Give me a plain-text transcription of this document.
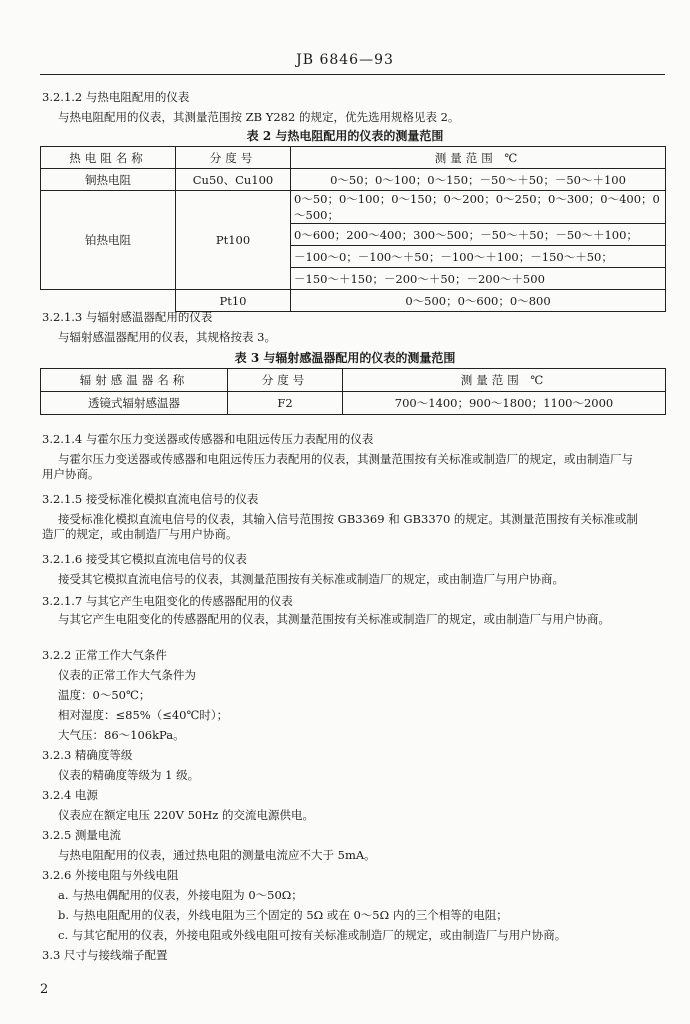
JB 6846—93
3.2.1.2 与热电阻配用的仪表
与热电阻配用的仪表，其测量范围按 ZB Y282 的规定，优先选用规格见表 2。
表 2 与热电阻配用的仪表的测量范围
热电阻名称	分度号	测量范围 ℃
铜热电阻	Cu50、Cu100	0～50；0～100；0～150；－50～＋50；－50～＋100
铂热电阻	Pt100	0～50；0～100；0～150；0～200；0～250；0～300；0～400；0～500；
		0～600；200～400；300～500；－50～＋50；－50～＋100；
		－100～0；－100～＋50；－100～＋100；－150～＋50；
		－150～＋150；－200～＋50；－200～＋500
	Pt10	0～500；0～600；0～800
3.2.1.3 与辐射感温器配用的仪表
与辐射感温器配用的仪表，其规格按表 3。
表 3 与辐射感温器配用的仪表的测量范围
辐射感温器名称	分度号	测量范围 ℃
透镜式辐射感温器	F2	700～1400；900～1800；1100～2000
3.2.1.4 与霍尔压力变送器或传感器和电阻远传压力表配用的仪表
与霍尔压力变送器或传感器和电阻远传压力表配用的仪表，其测量范围按有关标准或制造厂的规定，或由制造厂与用户协商。
3.2.1.5 接受标准化模拟直流电信号的仪表
接受标准化模拟直流电信号的仪表，其输入信号范围按 GB3369 和 GB3370 的规定。其测量范围按有关标准或制造厂的规定，或由制造厂与用户协商。
3.2.1.6 接受其它模拟直流电信号的仪表
接受其它模拟直流电信号的仪表，其测量范围按有关标准或制造厂的规定，或由制造厂与用户协商。
3.2.1.7 与其它产生电阻变化的传感器配用的仪表
与其它产生电阻变化的传感器配用的仪表，其测量范围按有关标准或制造厂的规定，或由制造厂与用户协商。
3.2.2 正常工作大气条件
仪表的正常工作大气条件为
温度：0～50℃；
相对湿度：≤85%（≤40℃时）；
大气压：86～106kPa。
3.2.3 精确度等级
仪表的精确度等级为 1 级。
3.2.4 电源
仪表应在额定电压 220V 50Hz 的交流电源供电。
3.2.5 测量电流
与热电阻配用的仪表，通过热电阻的测量电流应不大于 5mA。
3.2.6 外接电阻与外线电阻
a. 与热电偶配用的仪表，外接电阻为 0～50Ω；
b. 与热电阻配用的仪表，外线电阻为三个固定的 5Ω 或在 0～5Ω 内的三个相等的电阻；
c. 与其它配用的仪表，外接电阻或外线电阻可按有关标准或制造厂的规定，或由制造厂与用户协商。
3.3 尺寸与接线端子配置
2
